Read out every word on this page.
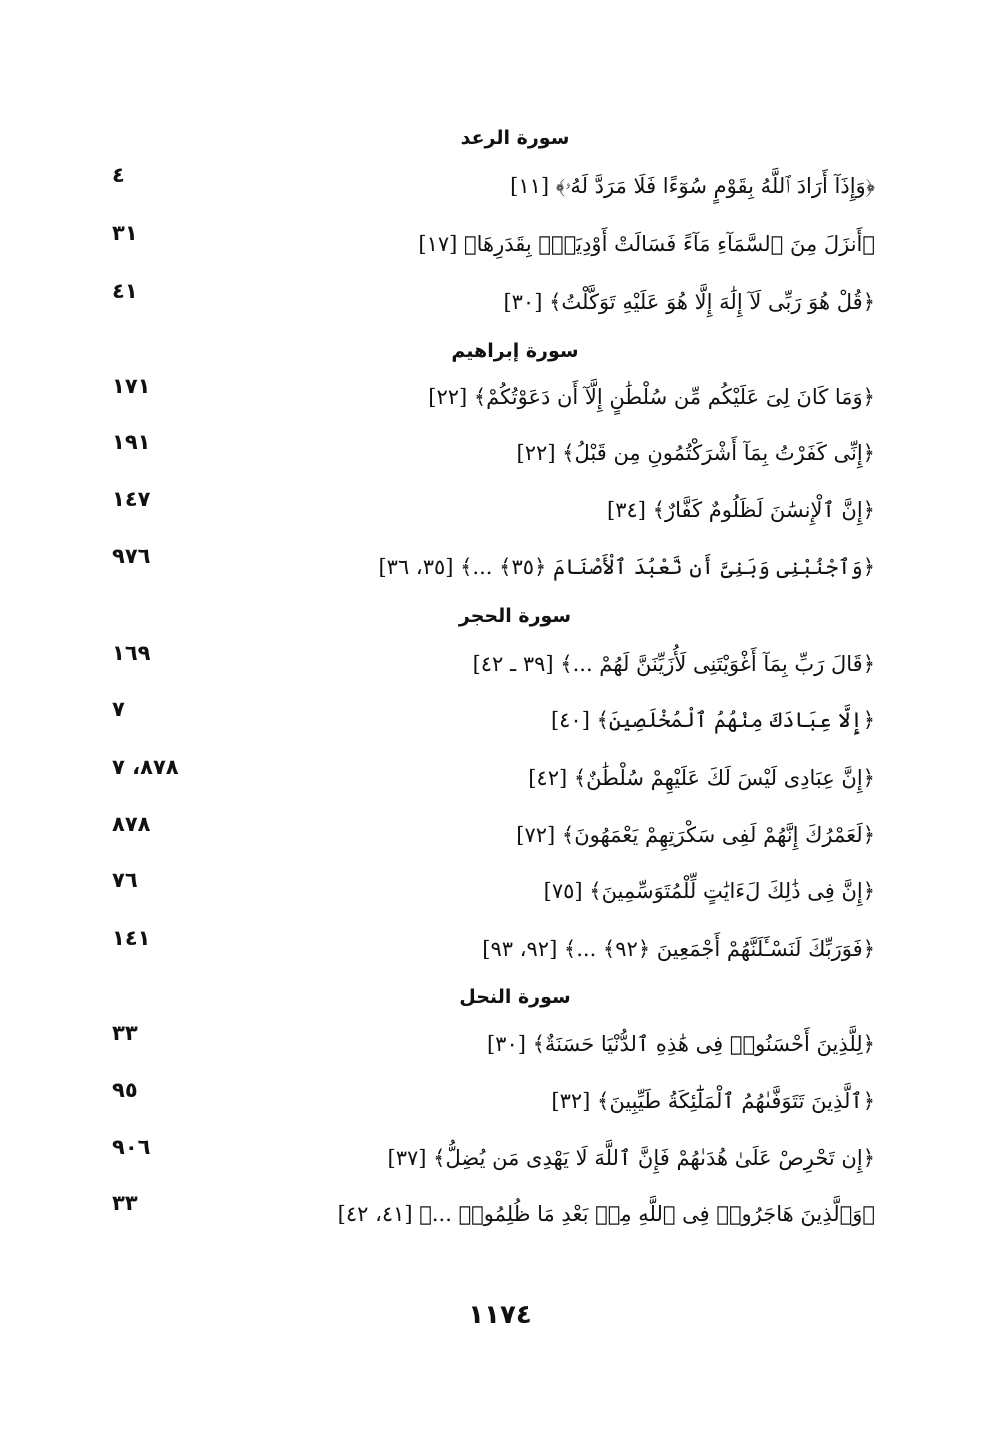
سورة الرعد
﴿وَإِذَآ أَرَادَ ٱللَّهُ بِقَوْمٍ سُوٓءًا فَلَا مَرَدَّ لَهُۥ﴾ [١١]
٤
﴿أَنزَلَ مِنَ ٱلسَّمَآءِ مَآءً فَسَالَتْ أَوْدِيَةٌۢ بِقَدَرِهَا﴾ [١٧]
٣١
﴿قُلْ هُوَ رَبِّى لَآ إِلَٰهَ إِلَّا هُوَ عَلَيْهِ تَوَكَّلْتُ﴾ [٣٠]
٤١
سورة إبراهيم
﴿وَمَا كَانَ لِىَ عَلَيْكُم مِّن سُلْطَٰنٍ إِلَّآ أَن دَعَوْتُكُمْ﴾ [٢٢]
١٧١
﴿إِنِّى كَفَرْتُ بِمَآ أَشْرَكْتُمُونِ مِن قَبْلُ﴾ [٢٢]
١٩١
﴿إِنَّ ٱلْإِنسَٰنَ لَظَلُومٌ كَفَّارٌ﴾ [٣٤]
١٤٧
﴿وَٱجْنُبْنِى وَبَنِىَّ أَن نَّعْبُدَ ٱلْأَصْنَامَ ﴿٣٥﴾ ...﴾ [٣٥، ٣٦]
٩٧٦
سورة الحجر
﴿قَالَ رَبِّ بِمَآ أَغْوَيْتَنِى لَأُزَيِّنَنَّ لَهُمْ ...﴾ [٣٩ ـ ٤٢]
١٦٩
﴿إِلَّا عِبَادَكَ مِنْهُمُ ٱلْمُخْلَصِينَ﴾ [٤٠]
٧
﴿إِنَّ عِبَادِى لَيْسَ لَكَ عَلَيْهِمْ سُلْطَٰنٌ﴾ [٤٢]
٨٧٨، ٧
﴿لَعَمْرُكَ إِنَّهُمْ لَفِى سَكْرَتِهِمْ يَعْمَهُونَ﴾ [٧٢]
٨٧٨
﴿إِنَّ فِى ذَٰلِكَ لَءَايَٰتٍ لِّلْمُتَوَسِّمِينَ﴾ [٧٥]
٧٦
﴿فَوَرَبِّكَ لَنَسْـَٔلَنَّهُمْ أَجْمَعِينَ ﴿٩٢﴾ ...﴾ [٩٢، ٩٣]
١٤١
سورة النحل
﴿لِلَّذِينَ أَحْسَنُوا۟ فِى هَٰذِهِ ٱلدُّنْيَا حَسَنَةٌ﴾ [٣٠]
٣٣
﴿ٱلَّذِينَ تَتَوَفَّىٰهُمُ ٱلْمَلَٰٓئِكَةُ طَيِّبِينَ﴾ [٣٢]
٩٥
﴿إِن تَحْرِصْ عَلَىٰ هُدَىٰهُمْ فَإِنَّ ٱللَّهَ لَا يَهْدِى مَن يُضِلُّ﴾ [٣٧]
٩٠٦
﴿وَٱلَّذِينَ هَاجَرُوا۟ فِى ٱللَّهِ مِنۢ بَعْدِ مَا ظُلِمُوا۟ ...﴾ [٤١، ٤٢]
٣٣
١١٧٤
